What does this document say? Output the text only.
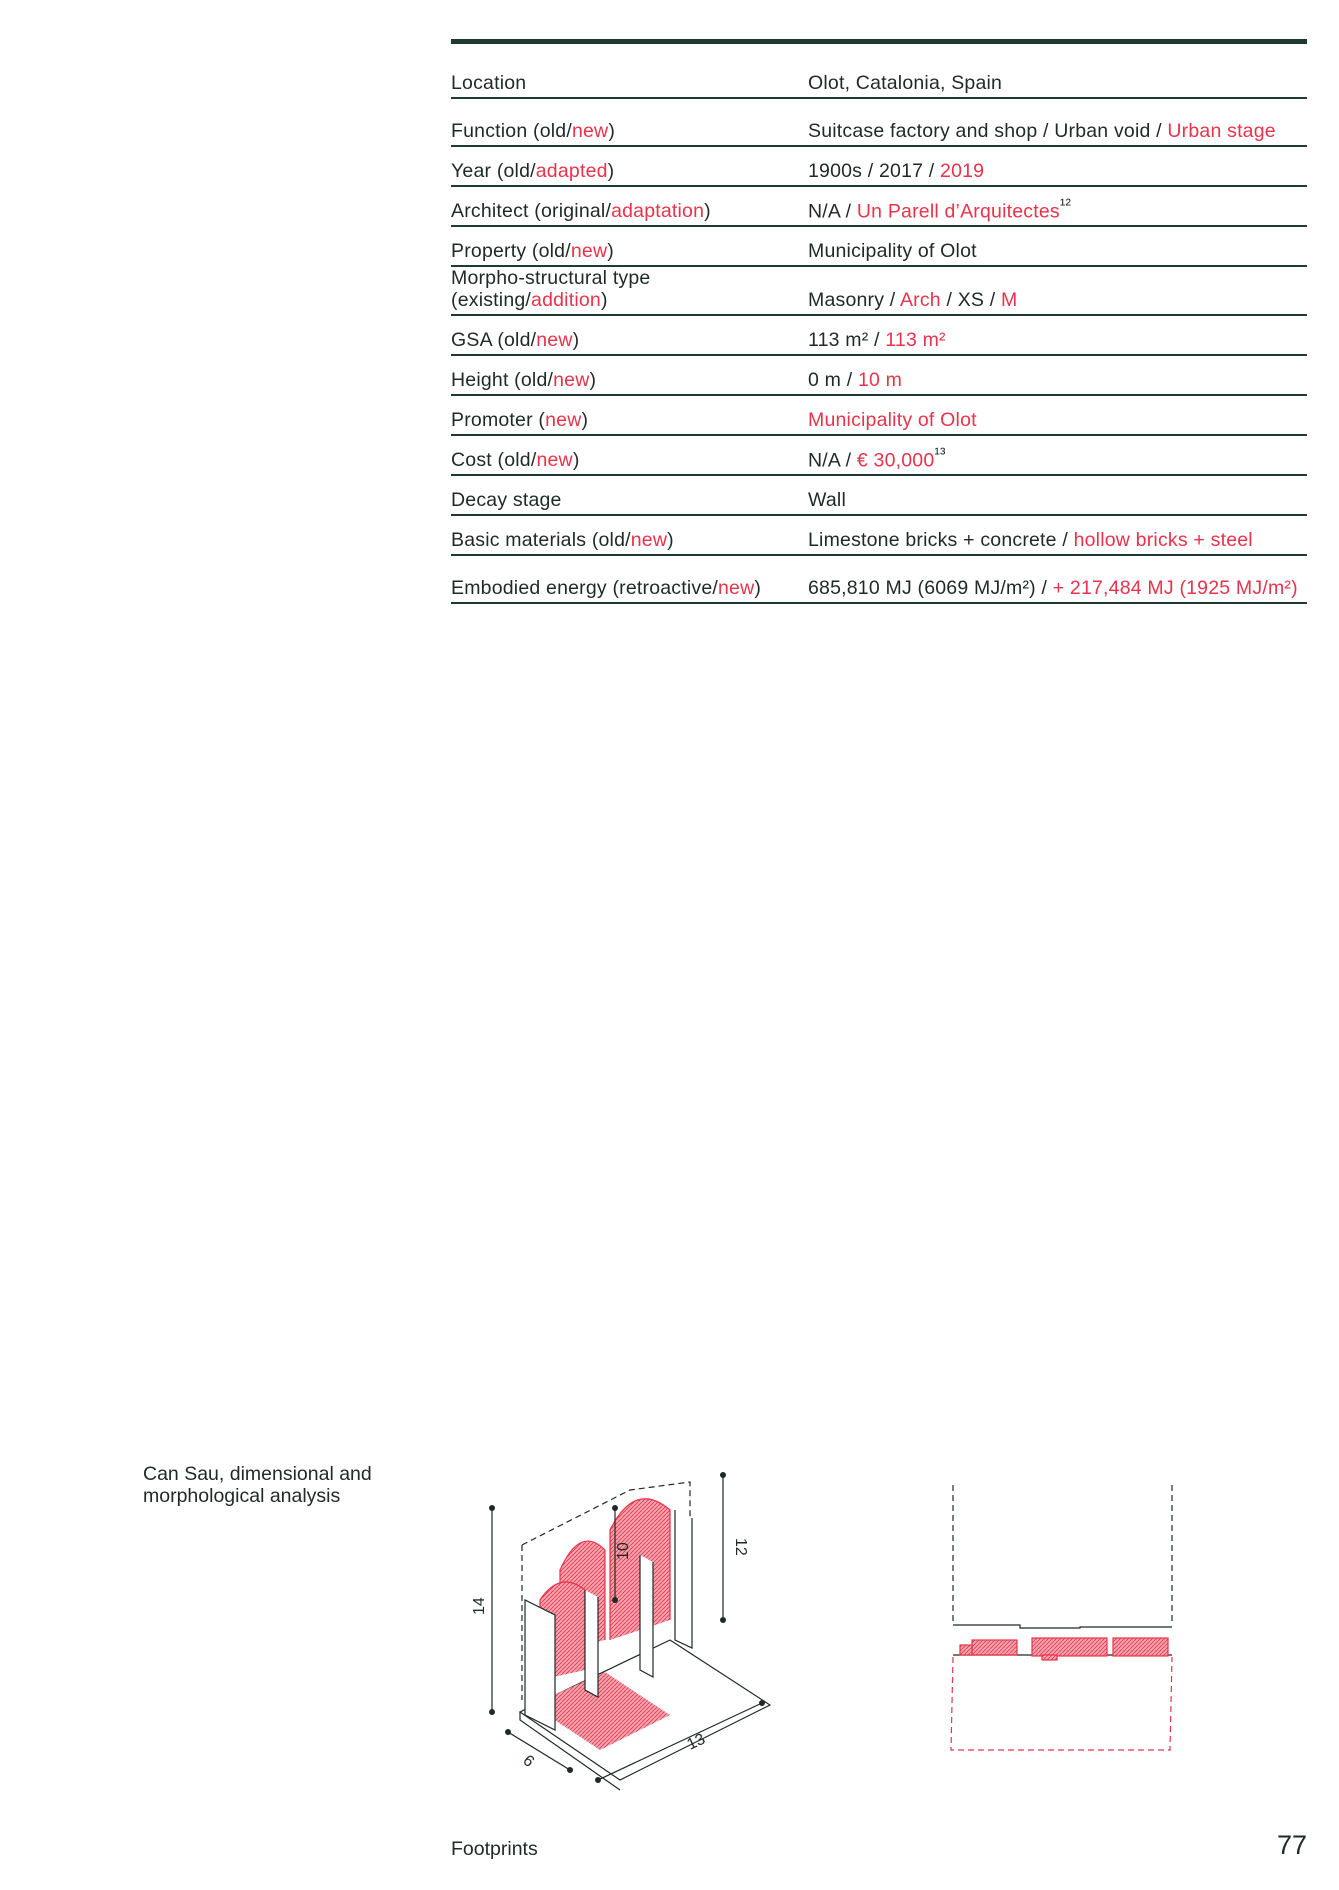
Location	Olot, Catalonia, Spain
Function (old/new)	Suitcase factory and shop / Urban void / Urban stage
Year (old/adapted)	1900s / 2017 / 2019
Architect (original/adaptation)	N/A / Un Parell d’Arquitectes$^{^{12}}$
Property (old/new)	Municipality of Olot
Morpho-structural type (existing/addition)	Masonry / Arch / XS / M
GSA (old/new)	113 m² / 113 m²
Height (old/new)	0 m / 10 m
Promoter (new)	Municipality of Olot
Cost (old/new)	N/A / € $30,000^{^{13}}$
Decay stage	Wall
Basic materials (old/new)	Limestone bricks + concrete / hollow bricks + steel
Embodied energy (retroactive/new)	685,810 MJ (6069 MJ/m²) / + 217,484 MJ (1925 MJ/m²)
Can Sau, dimensional and morphological analysis
14
10	12
6
13
Footprints	77
